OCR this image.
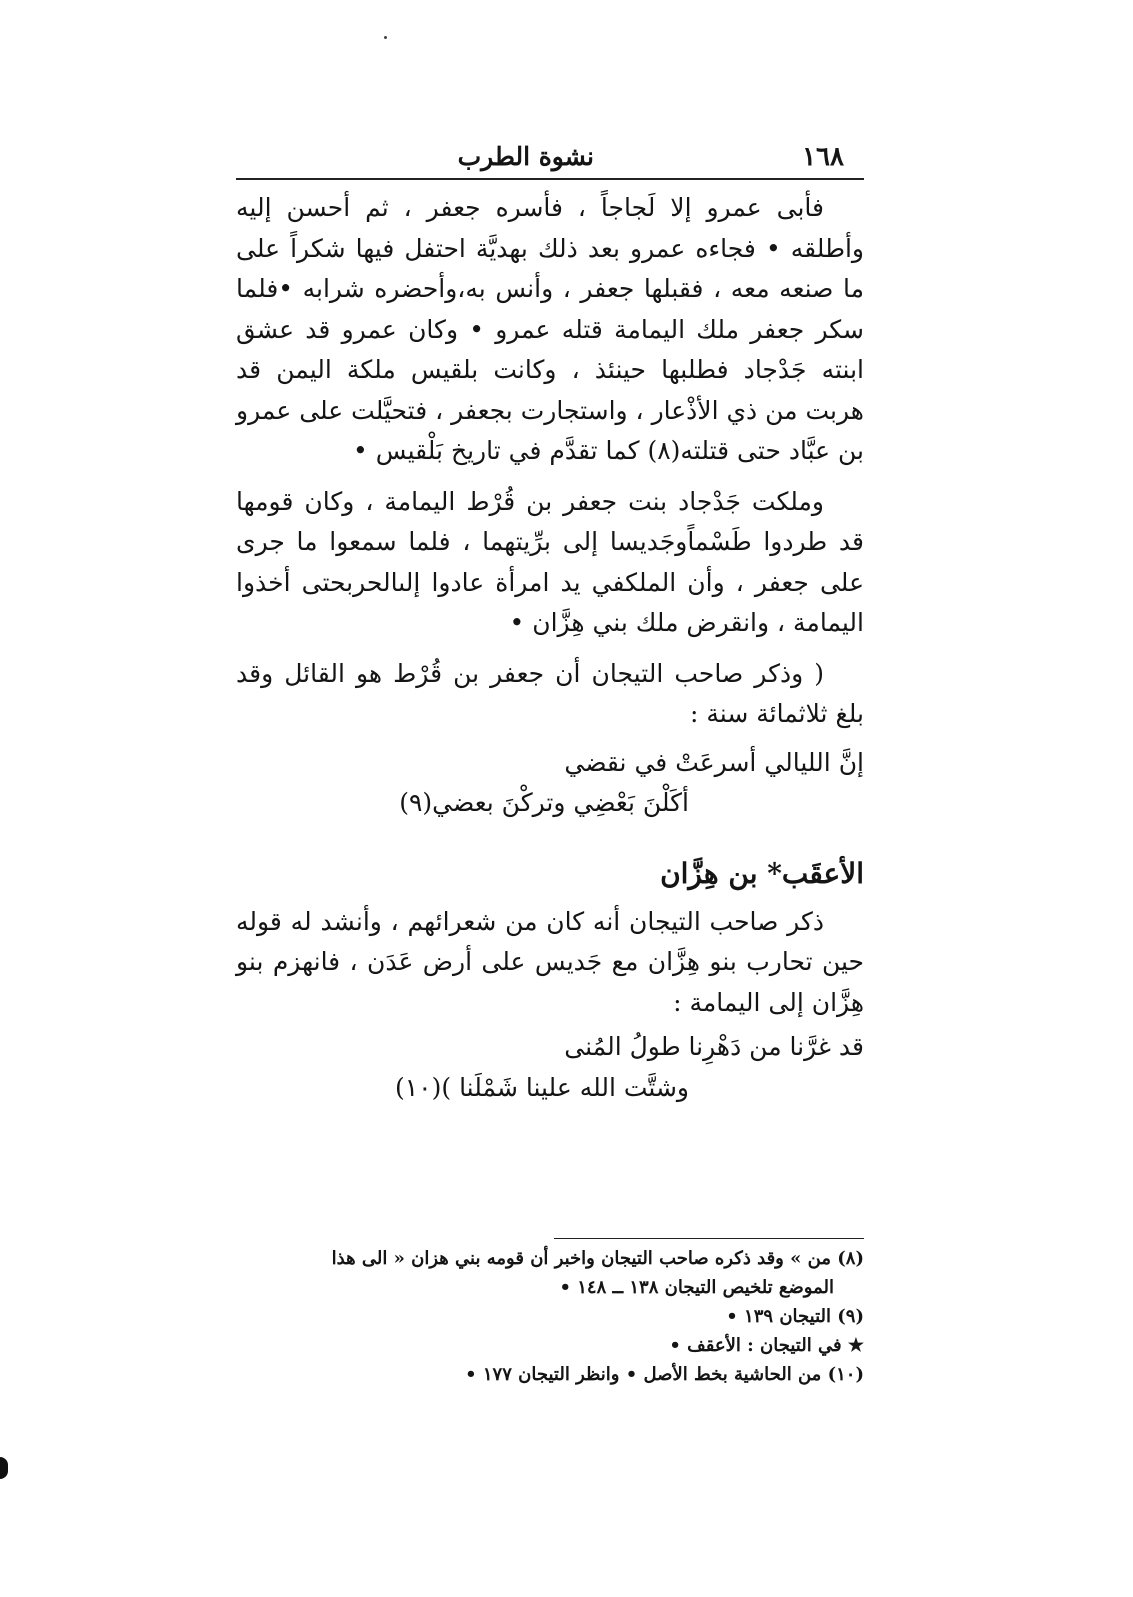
١٦٨
نشوة الطرب

فأبى عمرو إلا لَجاجاً ، فأسره جعفر ، ثم أحسن إليه وأطلقه • فجاءه عمرو بعد ذلك بهديَّة احتفل فيها شكراً على ما صنعه معه ، فقبلها جعفر ، وأنس به،وأحضره شرابه •فلما سكر جعفر ملك اليمامة قتله عمرو • وكان عمرو قد عشق ابنته جَدْجاد فطلبها حينئذ ، وكانت بلقيس ملكة اليمن قد هربت من ذي الأذْعار ، واستجارت بجعفر ، فتحيَّلت على عمرو بن عبَّاد حتى قتلته(٨) كما تقدَّم في تاريخ بَلْقيس •

وملكت جَدْجاد بنت جعفر بن قُرْط اليمامة ، وكان قومها قد طردوا طَسْماًوجَديسا إلى برِّيتهما ، فلما سمعوا ما جرى على جعفر ، وأن الملكفي يد امرأة عادوا إلىالحربحتى أخذوا اليمامة ، وانقرض ملك بني هِزَّان •

( وذكر صاحب التيجان أن جعفر بن قُرْط هو القائل وقد بلغ ثلاثمائة سنة :

إنَّ الليالي أسرعَتْ في نقضي

أكَلْنَ بَعْضِي وتركْنَ بعضي(٩)

الأعقَب* بن هِزَّان

ذكر صاحب التيجان أنه كان من شعرائهم ، وأنشد له قوله حين تحارب بنو هِزَّان مع جَديس على أرض عَدَن ، فانهزم بنو هِزَّان إلى اليمامة :

قد غرَّنا من دَهْرِنا طولُ المُنى

وشتَّت الله علينا شَمْلَنا )(١٠)

(٨) من » وقد ذكره صاحب التيجان واخبر أن قومه بني هزان « الى هذا

الموضع تلخيص التيجان ١٣٨ ــ ١٤٨ •

(٩) التيجان ١٣٩ •

★ في التيجان : الأعقف •

(١٠) من الحاشية بخط الأصل • وانظر التيجان ١٧٧ •
